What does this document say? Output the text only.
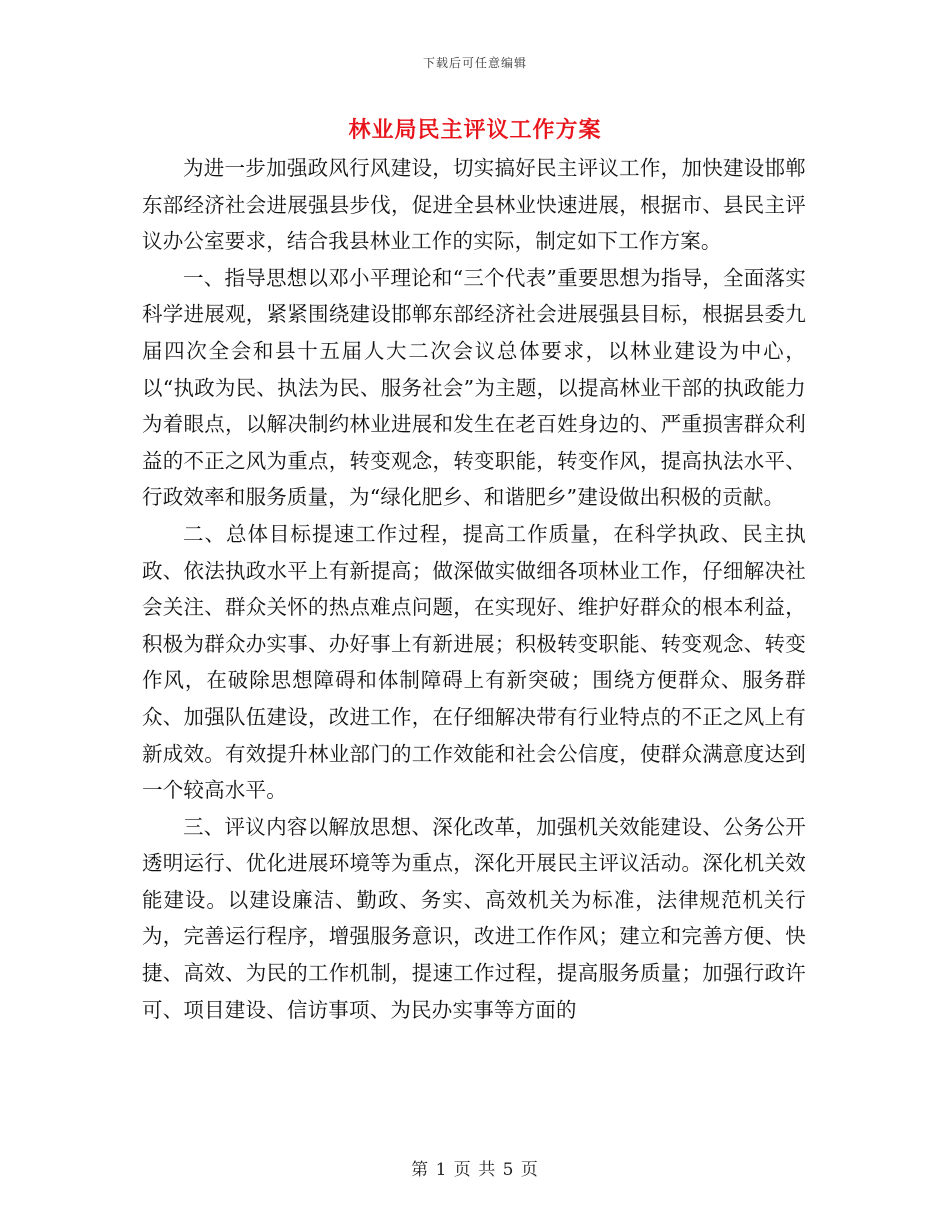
下载后可任意编辑
林业局民主评议工作方案

为进一步加强政风行风建设，切实搞好民主评议工作，加快建设邯郸东部经济社会进展强县步伐，促进全县林业快速进展，根据市、县民主评议办公室要求，结合我县林业工作的实际，制定如下工作方案。

一、指导思想以邓小平理论和“三个代表”重要思想为指导，全面落实科学进展观，紧紧围绕建设邯郸东部经济社会进展强县目标，根据县委九届四次全会和县十五届人大二次会议总体要求，以林业建设为中心，以“执政为民、执法为民、服务社会”为主题，以提高林业干部的执政能力为着眼点，以解决制约林业进展和发生在老百姓身边的、严重损害群众利益的不正之风为重点，转变观念，转变职能，转变作风，提高执法水平、行政效率和服务质量，为“绿化肥乡、和谐肥乡”建设做出积极的贡献。

二、总体目标提速工作过程，提高工作质量，在科学执政、民主执政、依法执政水平上有新提高；做深做实做细各项林业工作，仔细解决社会关注、群众关怀的热点难点问题，在实现好、维护好群众的根本利益，积极为群众办实事、办好事上有新进展；积极转变职能、转变观念、转变作风，在破除思想障碍和体制障碍上有新突破；围绕方便群众、服务群众、加强队伍建设，改进工作，在仔细解决带有行业特点的不正之风上有新成效。有效提升林业部门的工作效能和社会公信度，使群众满意度达到一个较高水平。

三、评议内容以解放思想、深化改革，加强机关效能建设、公务公开透明运行、优化进展环境等为重点，深化开展民主评议活动。深化机关效能建设。以建设廉洁、勤政、务实、高效机关为标准，法律规范机关行为，完善运行程序，增强服务意识，改进工作作风；建立和完善方便、快捷、高效、为民的工作机制，提速工作过程，提高服务质量；加强行政许可、项目建设、信访事项、为民办实事等方面的

第 1 页 共 5 页
